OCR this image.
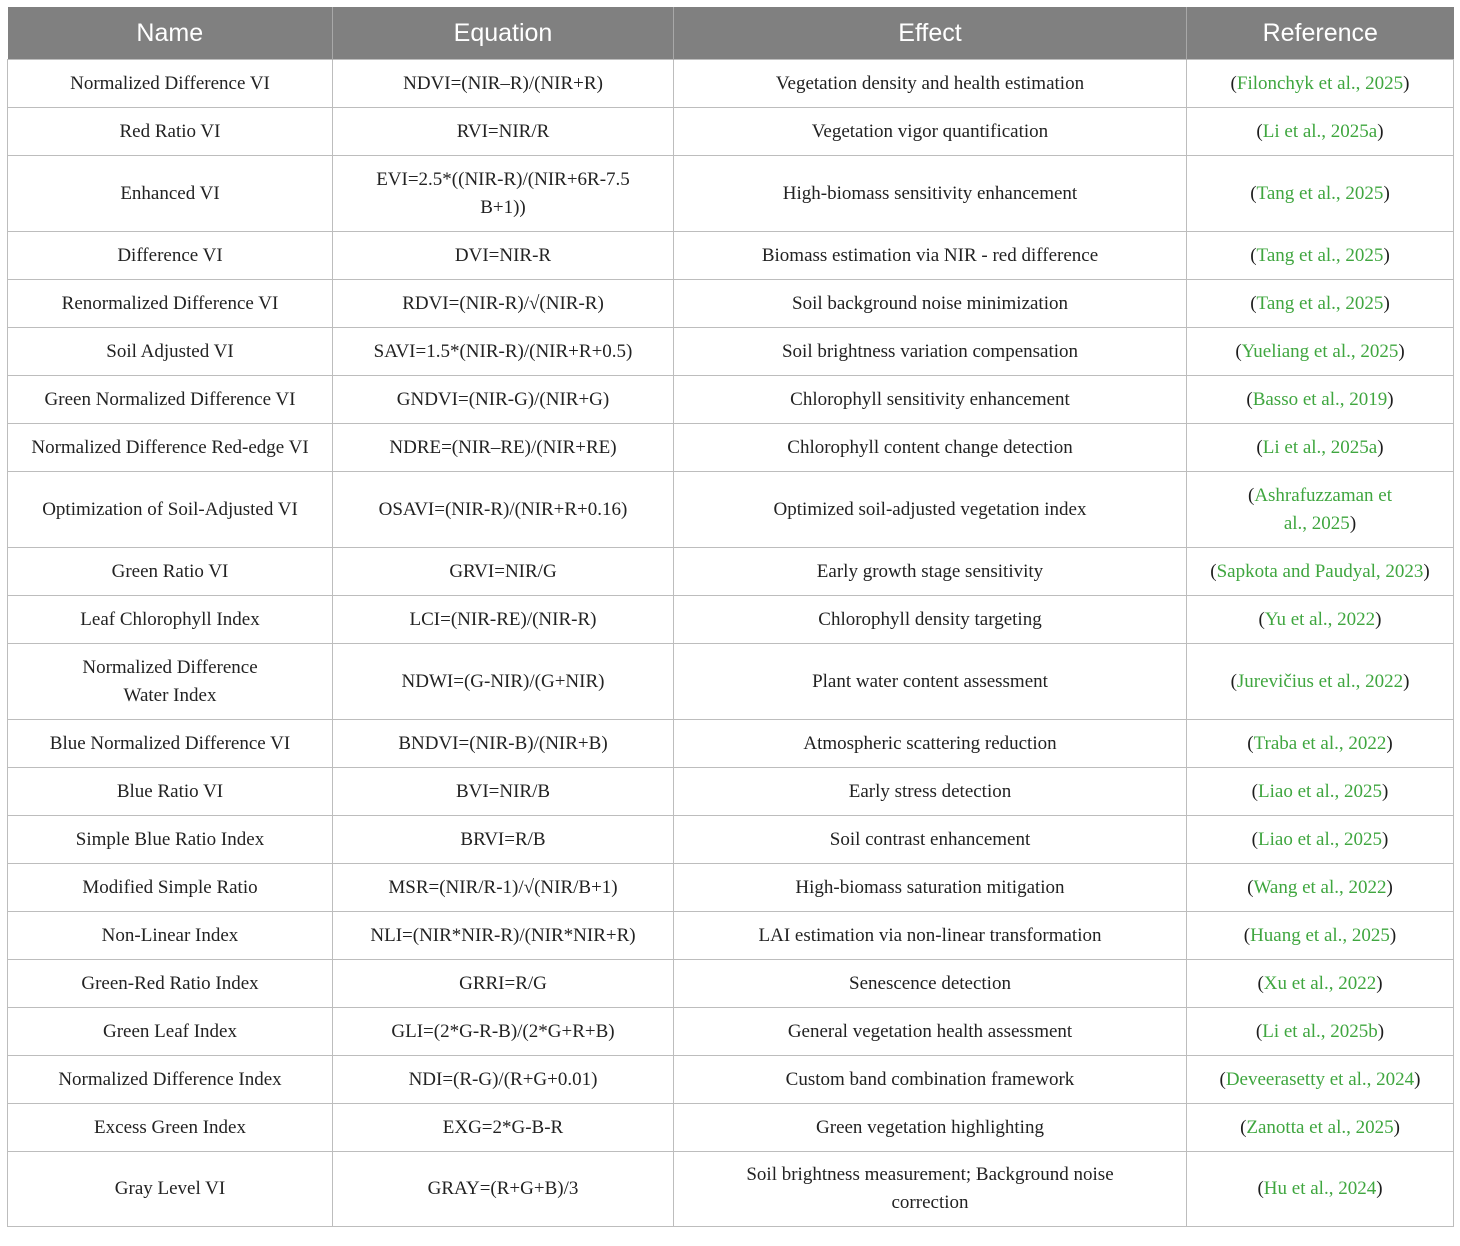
Name	Equation	Effect	Reference
Normalized Difference VI	NDVI=(NIR–R)/(NIR+R)	Vegetation density and health estimation	(Filonchyk et al., 2025)
Red Ratio VI	RVI=NIR/R	Vegetation vigor quantification	(Li et al., 2025a)
Enhanced VI	EVI=2.5*((NIR-R)/(NIR+6R-7.5B+1))	High-biomass sensitivity enhancement	(Tang et al., 2025)
Difference VI	DVI=NIR-R	Biomass estimation via NIR - red difference	(Tang et al., 2025)
Renormalized Difference VI	RDVI=(NIR-R)/√(NIR-R)	Soil background noise minimization	(Tang et al., 2025)
Soil Adjusted VI	SAVI=1.5*(NIR-R)/(NIR+R+0.5)	Soil brightness variation compensation	(Yueliang et al., 2025)
Green Normalized Difference VI	GNDVI=(NIR-G)/(NIR+G)	Chlorophyll sensitivity enhancement	(Basso et al., 2019)
Normalized Difference Red-edge VI	NDRE=(NIR–RE)/(NIR+RE)	Chlorophyll content change detection	(Li et al., 2025a)
Optimization of Soil-Adjusted VI	OSAVI=(NIR-R)/(NIR+R+0.16)	Optimized soil-adjusted vegetation index	(Ashrafuzzaman et al., 2025)
Green Ratio VI	GRVI=NIR/G	Early growth stage sensitivity	(Sapkota and Paudyal, 2023)
Leaf Chlorophyll Index	LCI=(NIR-RE)/(NIR-R)	Chlorophyll density targeting	(Yu et al., 2022)
Normalized Difference Water Index	NDWI=(G-NIR)/(G+NIR)	Plant water content assessment	(Jurevičius et al., 2022)
Blue Normalized Difference VI	BNDVI=(NIR-B)/(NIR+B)	Atmospheric scattering reduction	(Traba et al., 2022)
Blue Ratio VI	BVI=NIR/B	Early stress detection	(Liao et al., 2025)
Simple Blue Ratio Index	BRVI=R/B	Soil contrast enhancement	(Liao et al., 2025)
Modified Simple Ratio	MSR=(NIR/R-1)/√(NIR/B+1)	High-biomass saturation mitigation	(Wang et al., 2022)
Non-Linear Index	NLI=(NIR*NIR-R)/(NIR*NIR+R)	LAI estimation via non-linear transformation	(Huang et al., 2025)
Green-Red Ratio Index	GRRI=R/G	Senescence detection	(Xu et al., 2022)
Green Leaf Index	GLI=(2*G-R-B)/(2*G+R+B)	General vegetation health assessment	(Li et al., 2025b)
Normalized Difference Index	NDI=(R-G)/(R+G+0.01)	Custom band combination framework	(Deveerasetty et al., 2024)
Excess Green Index	EXG=2*G-B-R	Green vegetation highlighting	(Zanotta et al., 2025)
Gray Level VI	GRAY=(R+G+B)/3	Soil brightness measurement; Background noise correction	(Hu et al., 2024)
